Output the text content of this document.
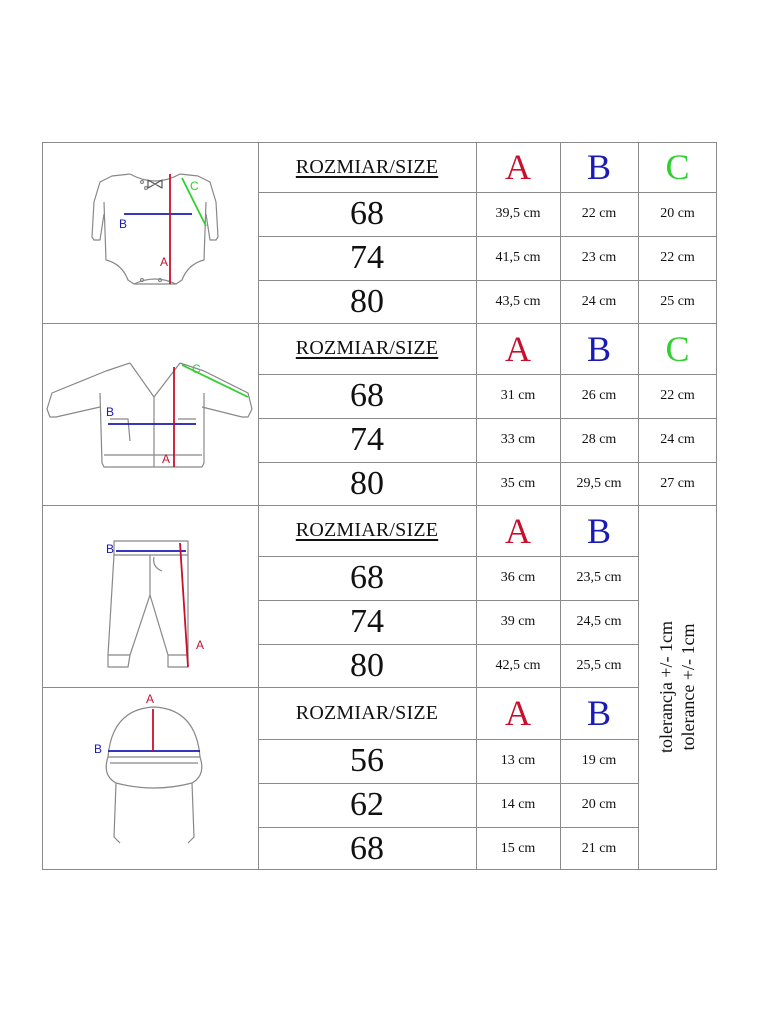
ROZMIAR/SIZE	A	B	C
68	39,5 cm	22 cm	20 cm
74	41,5 cm	23 cm	22 cm
80	43,5 cm	24 cm	25 cm
B
A
C
ROZMIAR/SIZE	A	B	C
68	31 cm	26 cm	22 cm
74	33 cm	28 cm	24 cm
80	35 cm	29,5 cm	27 cm
B
A
C
ROZMIAR/SIZE	A	B
68	36 cm	23,5 cm
74	39 cm	24,5 cm
80	42,5 cm	25,5 cm
B
A
ROZMIAR/SIZE	A	B
56	13 cm	19 cm
62	14 cm	20 cm
68	15 cm	21 cm
A
B	tolerancja +/- 1cm tolerance +/- 1cm
